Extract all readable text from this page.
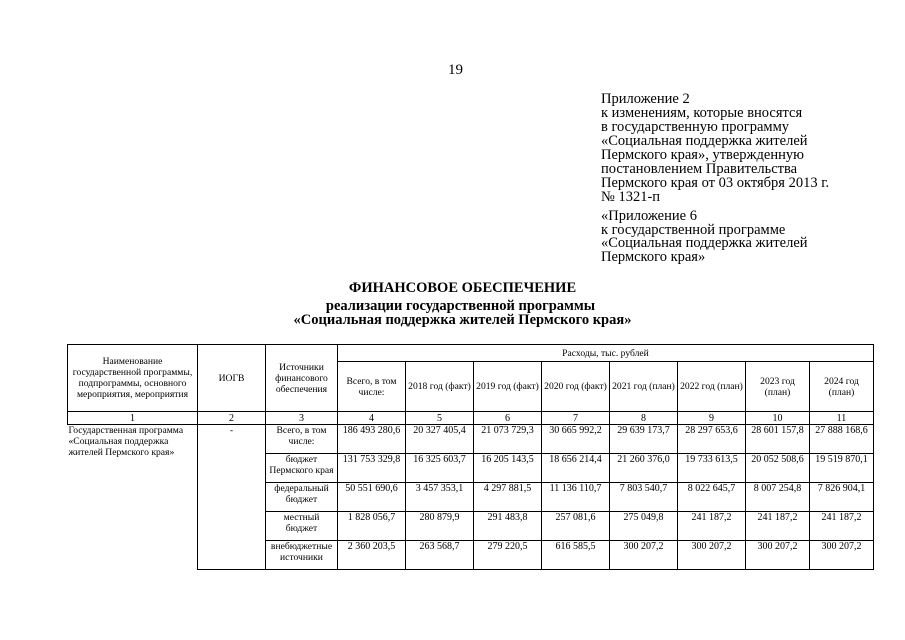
19
Приложение 2
к изменениям, которые вносятся
в государственную программу
«Социальная поддержка жителей
Пермского края», утвержденную
постановлением Правительства
Пермского края от 03 октября 2013 г.
№ 1321-п
«Приложение 6
к государственной программе
«Социальная поддержка жителей
Пермского края»
ФИНАНСОВОЕ ОБЕСПЕЧЕНИЕ
реализации государственной программы
«Социальная поддержка жителей Пермского края»
Наименование государственной программы, подпрограммы, основного мероприятия, мероприятия	ИОГВ	Источники финансового обеспечения	Расходы, тыс. рублей							
			Всего, в том числе:	2018 год (факт)	2019 год (факт)	2020 год (факт)	2021 год (план)	2022 год (план)	2023 год (план)	2024 год (план)
1	2	3	4	5	6	7	8	9	10	11
Государственная программа «Социальная поддержка жителей Пермского края»	-	Всего, в том числе:	186 493 280,6	20 327 405,4	21 073 729,3	30 665 992,2	29 639 173,7	28 297 653,6	28 601 157,8	27 888 168,6
		бюджет Пермского края	131 753 329,8	16 325 603,7	16 205 143,5	18 656 214,4	21 260 376,0	19 733 613,5	20 052 508,6	19 519 870,1
		федеральный бюджет	50 551 690,6	3 457 353,1	4 297 881,5	11 136 110,7	7 803 540,7	8 022 645,7	8 007 254,8	7 826 904,1
		местный бюджет	1 828 056,7	280 879,9	291 483,8	257 081,6	275 049,8	241 187,2	241 187,2	241 187,2
		внебюджетные источники	2 360 203,5	263 568,7	279 220,5	616 585,5	300 207,2	300 207,2	300 207,2	300 207,2
